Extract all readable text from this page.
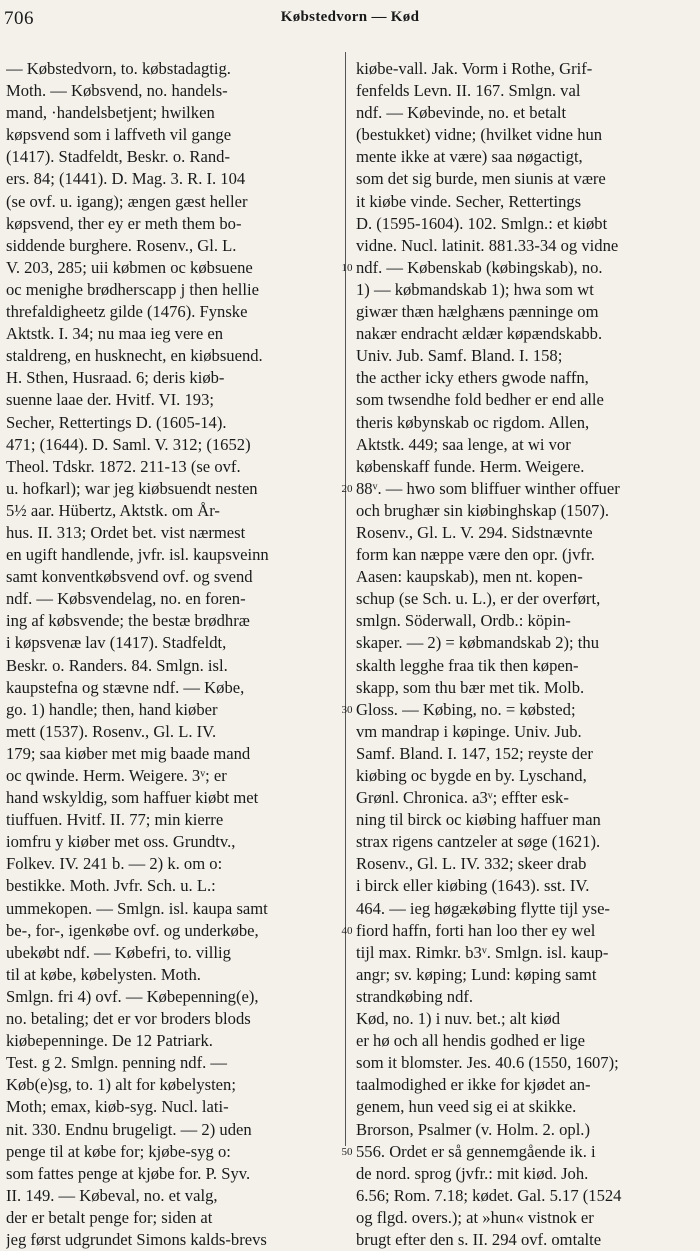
706	Købstedvorn — Kød
— Købstedvorn, to. købstadagtig.
Moth. — Købsvend, no. handels-
mand, ·handelsbetjent; hwilken
køpsvend som i laffveth vil gange
(1417). Stadfeldt, Beskr. o. Rand-
ers. 84; (1441). D. Mag. 3. R. I. 104
(se ovf. u. igang); ængen gæst heller
køpsvend, ther ey er meth them bo-
siddende burghere. Rosenv., Gl. L.
V. 203, 285; uii købmen oc købsuene
oc menighe brødherscapp j then hellie
threfaldigheetz gilde (1476). Fynske
Aktstk. I. 34; nu maa ieg vere en
staldreng, en husknecht, en kiøbsuend.
H. Sthen, Husraad. 6; deris kiøb-
suenne laae der. Hvitf. VI. 193;
Secher, Rettertings D. (1605-14).
471; (1644). D. Saml. V. 312; (1652)
Theol. Tdskr. 1872. 211-13 (se ovf.
u. hofkarl); war jeg kiøbsuendt nesten
5½ aar. Hübertz, Aktstk. om År-
hus. II. 313; Ordet bet. vist nærmest
en ugift handlende, jvfr. isl. kaupsveinn
samt konventkøbsvend ovf. og svend
ndf. — Købsvendelag, no. en foren-
ing af købsvende; the bestæ brødhræ
i køpsvenæ lav (1417). Stadfeldt,
Beskr. o. Randers. 84. Smlgn. isl.
kaupstefna og stævne ndf. — Købe,
go. 1) handle; then, hand kiøber
mett (1537). Rosenv., Gl. L. IV.
179; saa kiøber met mig baade mand
oc qwinde. Herm. Weigere. 3ᵛ; er
hand wskyldig, som haffuer kiøbt met
tiuffuen. Hvitf. II. 77; min kierre
iomfru y kiøber met oss. Grundtv.,
Folkev. IV. 241 b. — 2) k. om o:
bestikke. Moth. Jvfr. Sch. u. L.:
ummekopen. — Smlgn. isl. kaupa samt
be-, for-, igenkøbe ovf. og underkøbe,
ubekøbt ndf. — Købefri, to. villig
til at købe, købelysten. Moth.
Smlgn. fri 4) ovf. — Købepenning(e),
no. betaling; det er vor broders blods
kiøbepenninge. De 12 Patriark.
Test. g 2. Smlgn. penning ndf. —
Køb(e)sg, to. 1) alt for købelysten;
Moth; emax, kiøb-syg. Nucl. lati-
nit. 330. Endnu brugeligt. — 2) uden
penge til at købe for; kjøbe-syg o:
som fattes penge at kjøbe for. P. Syv.
II. 149. — Købeval, no. et valg,
der er betalt penge for; siden at
jeg først udgrundet Simons kalds-brevs
kiøbe-vall. Jak. Vorm i Rothe, Grif-
fenfelds Levn. II. 167. Smlgn. val
ndf. — Købevinde, no. et betalt
(bestukket) vidne; (hvilket vidne hun
mente ikke at være) saa nøgactigt,
som det sig burde, men siunis at være
it kiøbe vinde. Secher, Rettertings
D. (1595-1604). 102. Smlgn.: et kiøbt
vidne. Nucl. latinit. 881.33-34 og vidne
ndf. — Købenskab (købingskab), no.
1) — købmandskab 1); hwa som wt
giwær thæn hælghæns pænninge om
nakær endracht ældær køpændskabb.
Univ. Jub. Samf. Bland. I. 158;
the acther icky ethers gwode naffn,
som twsendhe fold bedher er end alle
theris købynskab oc rigdom. Allen,
Aktstk. 449; saa lenge, at wi vor
købenskaff funde. Herm. Weigere.
88ᵛ. — hwo som bliffuer winther offuer
och brughær sin kiøbinghskap (1507).
Rosenv., Gl. L. V. 294. Sidstnævnte
form kan næppe være den opr. (jvfr.
Aasen: kaupskab), men nt. kopen-
schup (se Sch. u. L.), er der overført,
smlgn. Söderwall, Ordb.: köpin-
skaper. — 2) = købmandskab 2); thu
skalth legghe fraa tik then køpen-
skapp, som thu bær met tik. Molb.
Gloss. — Købing, no. = købsted;
vm mandrap i køpinge. Univ. Jub.
Samf. Bland. I. 147, 152; reyste der
kiøbing oc bygde en by. Lyschand,
Grønl. Chronica. a3ᵛ; effter esk-
ning til birck oc kiøbing haffuer man
strax rigens cantzeler at søge (1621).
Rosenv., Gl. L. IV. 332; skeer drab
i birck eller kiøbing (1643). sst. IV.
464. — ieg høgækøbing flytte tijl yse-
fiord haffn, forti han loo ther ey wel
tijl max. Rimkr. b3ᵛ. Smlgn. isl. kaup-
angr; sv. køping; Lund: køping samt
strandkøbing ndf.
Kød, no. 1) i nuv. bet.; alt kiød
er hø och all hendis godhed er lige
som it blomster. Jes. 40.6 (1550, 1607);
taalmodighed er ikke for kjødet an-
genem, hun veed sig ei at skikke.
Brorson, Psalmer (v. Holm. 2. opl.)
556. Ordet er så gennemgående ik. i
de nord. sprog (jvfr.: mit kiød. Joh.
6.56; Rom. 7.18; kødet. Gal. 5.17 (1524
og flgd. overs.); at »hun« vistnok er
brugt efter den s. II. 294 ovf. omtalte
10
20
30
40
50
